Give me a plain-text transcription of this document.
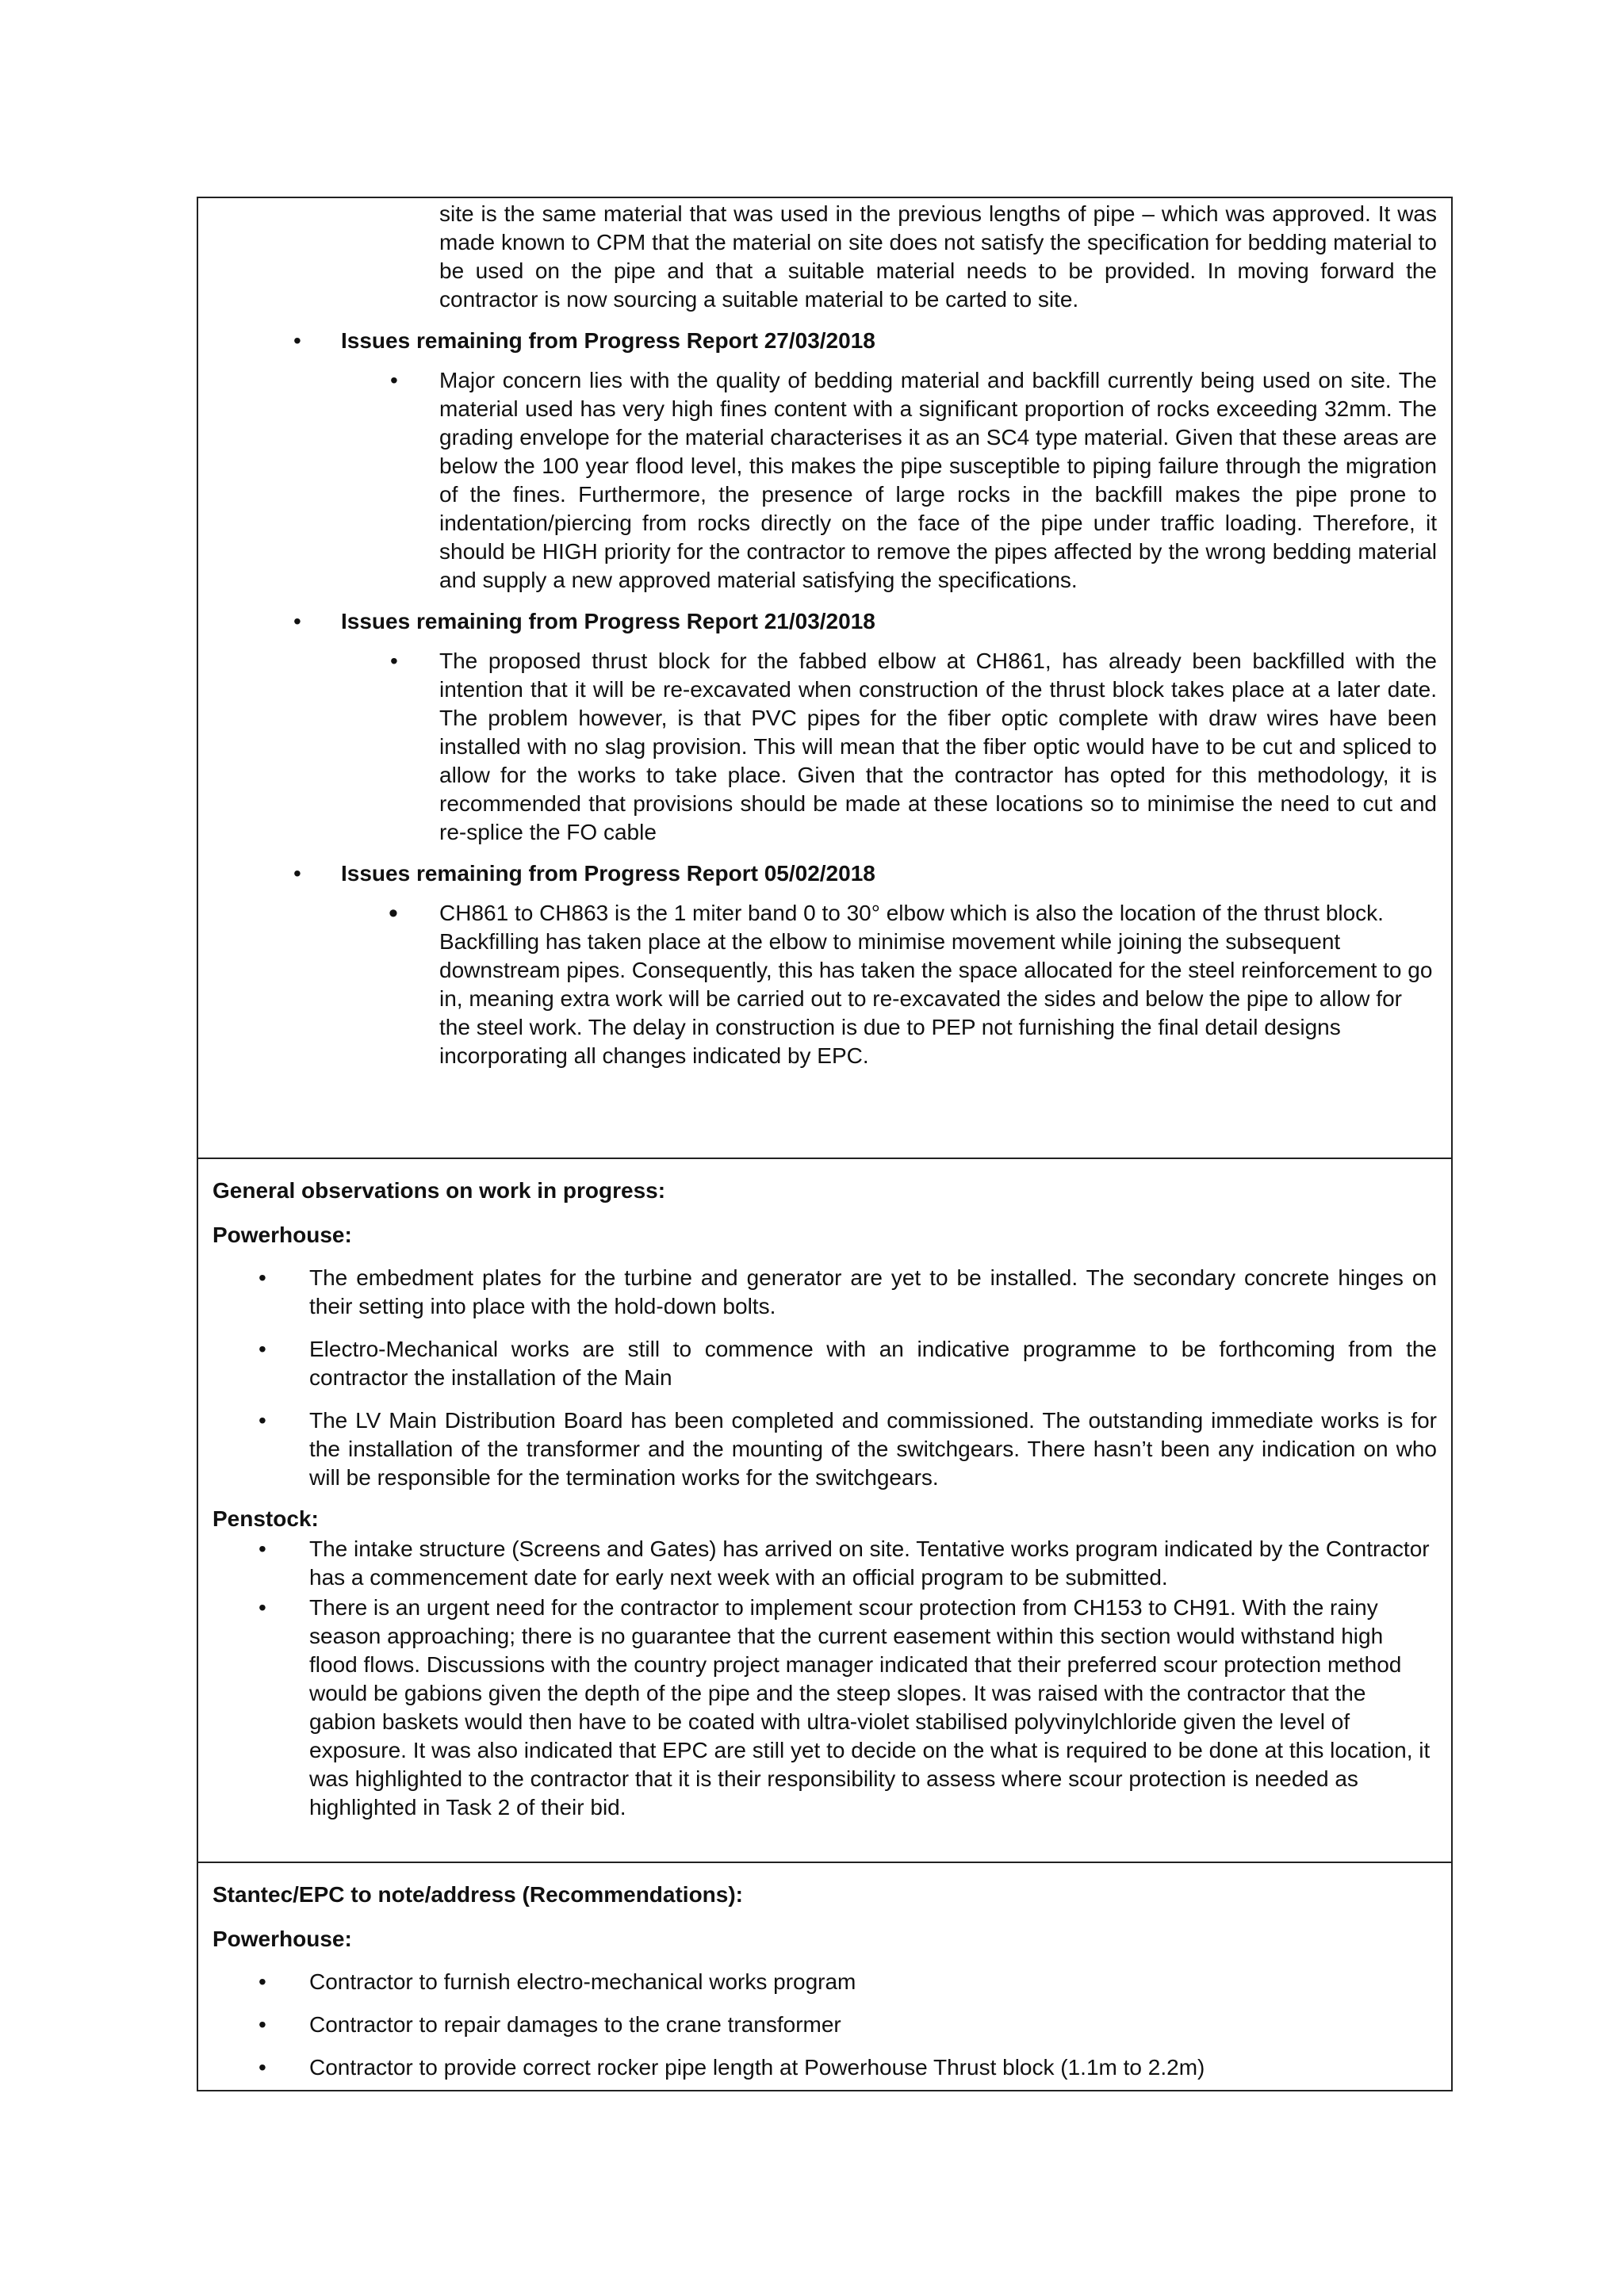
site is the same material that was used in the previous lengths of pipe – which was approved. It was made known to CPM that the material on site does not satisfy the specification for bedding material to be used on the pipe and that a suitable material needs to be provided. In moving forward the contractor is now sourcing a suitable material to be carted to site.

• Issues remaining from Progress Report 27/03/2018
• Major concern lies with the quality of bedding material and backfill currently being used on site. The material used has very high fines content with a significant proportion of rocks exceeding 32mm. The grading envelope for the material characterises it as an SC4 type material. Given that these areas are below the 100 year flood level, this makes the pipe susceptible to piping failure through the migration of the fines. Furthermore, the presence of large rocks in the backfill makes the pipe prone to indentation/piercing from rocks directly on the face of the pipe under traffic loading. Therefore, it should be HIGH priority for the contractor to remove the pipes affected by the wrong bedding material and supply a new approved material satisfying the specifications.

• Issues remaining from Progress Report 21/03/2018
• The proposed thrust block for the fabbed elbow at CH861, has already been backfilled with the intention that it will be re-excavated when construction of the thrust block takes place at a later date. The problem however, is that PVC pipes for the fiber optic complete with draw wires have been installed with no slag provision. This will mean that the fiber optic would have to be cut and spliced to allow for the works to take place. Given that the contractor has opted for this methodology, it is recommended that provisions should be made at these locations so to minimise the need to cut and re-splice the FO cable

• Issues remaining from Progress Report 05/02/2018
• CH861 to CH863 is the 1 miter band 0 to 30° elbow which is also the location of the thrust block. Backfilling has taken place at the elbow to minimise movement while joining the subsequent downstream pipes. Consequently, this has taken the space allocated for the steel reinforcement to go in, meaning extra work will be carried out to re-excavated the sides and below the pipe to allow for the steel work. The delay in construction is due to PEP not furnishing the final detail designs incorporating all changes indicated by EPC.

General observations on work in progress:

Powerhouse:

• The embedment plates for the turbine and generator are yet to be installed. The secondary concrete hinges on their setting into place with the hold-down bolts.

• Electro-Mechanical works are still to commence with an indicative programme to be forthcoming from the contractor the installation of the Main

• The LV Main Distribution Board has been completed and commissioned. The outstanding immediate works is for the installation of the transformer and the mounting of the switchgears. There hasn’t been any indication on who will be responsible for the termination works for the switchgears.

Penstock:

• The intake structure (Screens and Gates) has arrived on site. Tentative works program indicated by the Contractor has a commencement date for early next week with an official program to be submitted.

• There is an urgent need for the contractor to implement scour protection from CH153 to CH91. With the rainy season approaching; there is no guarantee that the current easement within this section would withstand high flood flows. Discussions with the country project manager indicated that their preferred scour protection method would be gabions given the depth of the pipe and the steep slopes. It was raised with the contractor that the gabion baskets would then have to be coated with ultra-violet stabilised polyvinylchloride given the level of exposure. It was also indicated that EPC are still yet to decide on the what is required to be done at this location, it was highlighted to the contractor that it is their responsibility to assess where scour protection is needed as highlighted in Task 2 of their bid.

Stantec/EPC to note/address (Recommendations):

Powerhouse:

• Contractor to furnish electro-mechanical works program

• Contractor to repair damages to the crane transformer

• Contractor to provide correct rocker pipe length at Powerhouse Thrust block (1.1m to 2.2m)
